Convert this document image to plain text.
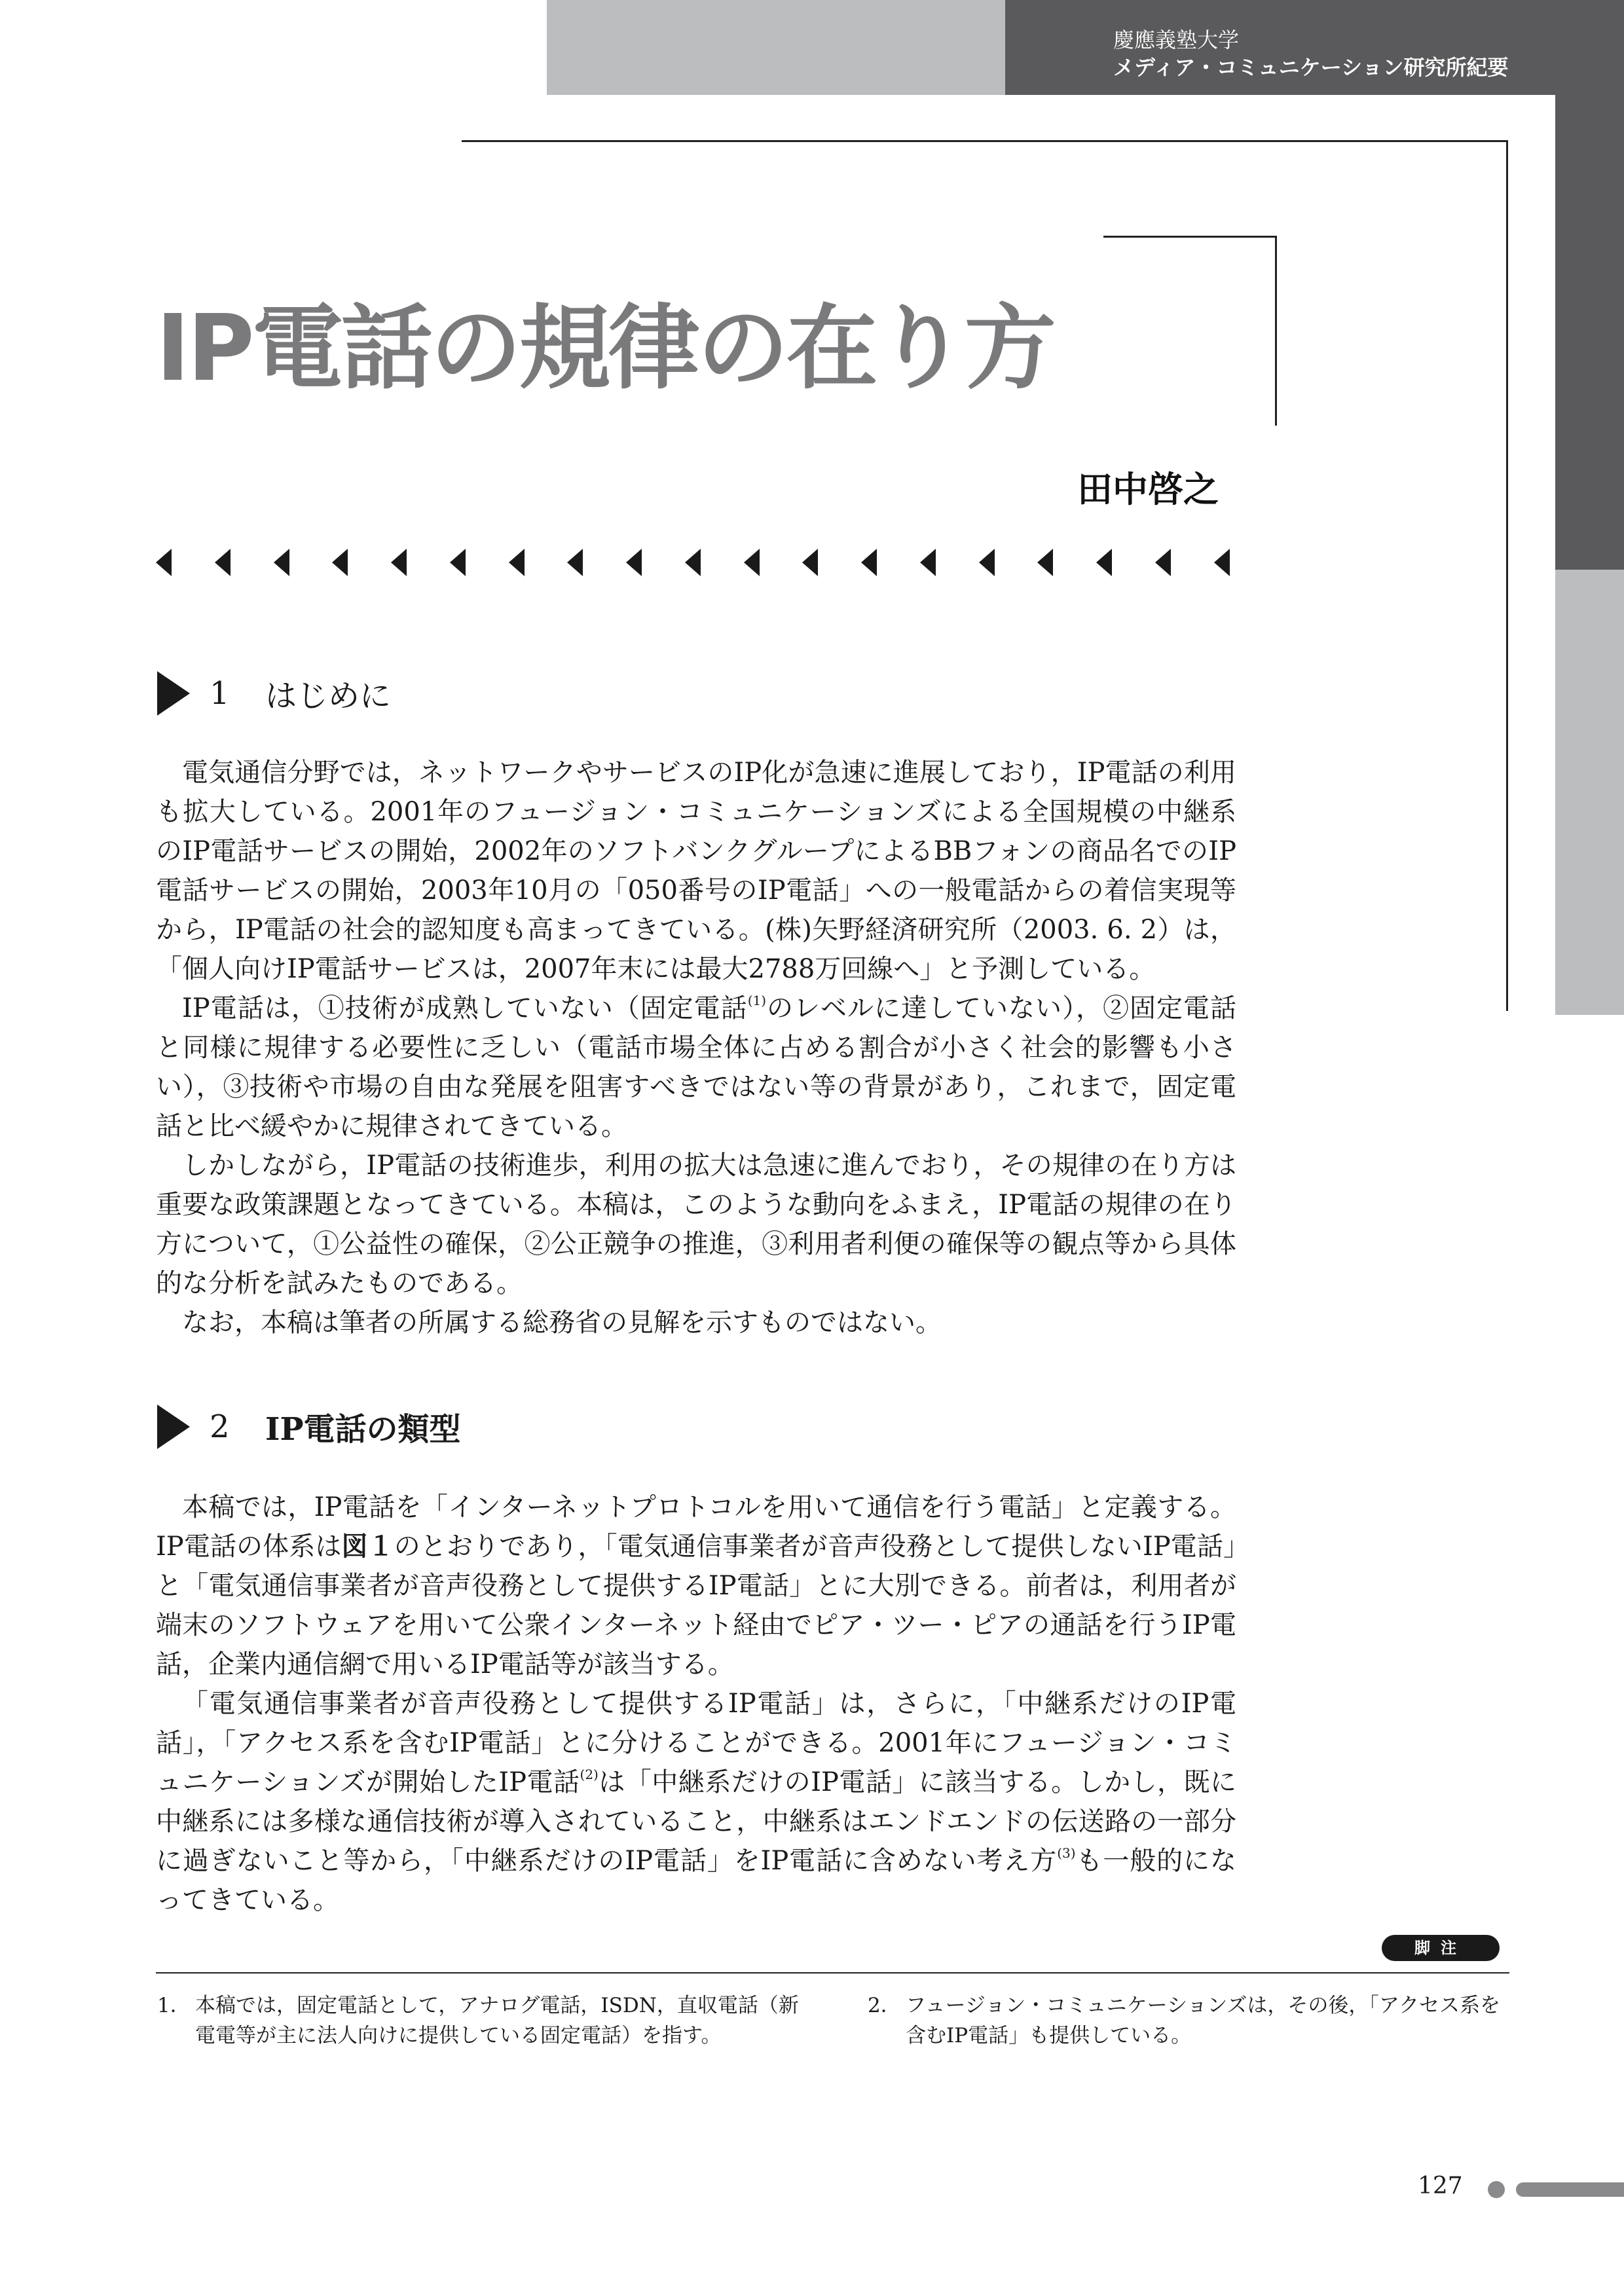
慶應義塾大学
メディア・コミュニケーション研究所紀要
IP電話の規律の在り方
田中啓之
1	はじめに

電気通信分野では，ネットワークやサービスのIP化が急速に進展しており，IP電話の利用も拡大している。2001年のフュージョン・コミュニケーションズによる全国規模の中継系のIP電話サービスの開始，2002年のソフトバンクグループによるBBフォンの商品名でのIP電話サービスの開始，2003年10月の「050番号のIP電話」への一般電話からの着信実現等から，IP電話の社会的認知度も高まってきている。(株)矢野経済研究所（2003. 6. 2）は，「個人向けIP電話サービスは，2007年末には最大2788万回線へ」と予測している。

IP電話は，①技術が成熟していない（固定電話$^{(1)}$のレベルに達していない），②固定電話と同様に規律する必要性に乏しい（電話市場全体に占める割合が小さく社会的影響も小さい），③技術や市場の自由な発展を阻害すべきではない等の背景があり，これまで，固定電話と比べ緩やかに規律されてきている。

しかしながら，IP電話の技術進歩，利用の拡大は急速に進んでおり，その規律の在り方は重要な政策課題となってきている。本稿は，このような動向をふまえ，IP電話の規律の在り方について，①公益性の確保，②公正競争の推進，③利用者利便の確保等の観点等から具体的な分析を試みたものである。

なお，本稿は筆者の所属する総務省の見解を示すものではない。

2	IP電話の類型

本稿では，IP電話を「インターネットプロトコルを用いて通信を行う電話」と定義する。IP電話の体系は図１のとおりであり，「電気通信事業者が音声役務として提供しないIP電話」と「電気通信事業者が音声役務として提供するIP電話」とに大別できる。前者は，利用者が端末のソフトウェアを用いて公衆インターネット経由でピア・ツー・ピアの通話を行うIP電話，企業内通信網で用いるIP電話等が該当する。

「電気通信事業者が音声役務として提供するIP電話」は，さらに，「中継系だけのIP電話」，「アクセス系を含むIP電話」とに分けることができる。2001年にフュージョン・コミュニケーションズが開始したIP電話$^{(2)}$は「中継系だけのIP電話」に該当する。しかし，既に中継系には多様な通信技術が導入されていること，中継系はエンドエンドの伝送路の一部分に過ぎないこと等から，「中継系だけのIP電話」をIP電話に含めない考え方$^{(3)}$も一般的になってきている。

脚注
1． 本稿では，固定電話として，アナログ電話，ISDN，直収電話（新電電等が主に法人向けに提供している固定電話）を指す。
2． フュージョン・コミュニケーションズは，その後，「アクセス系を含むIP電話」も提供している。
127
